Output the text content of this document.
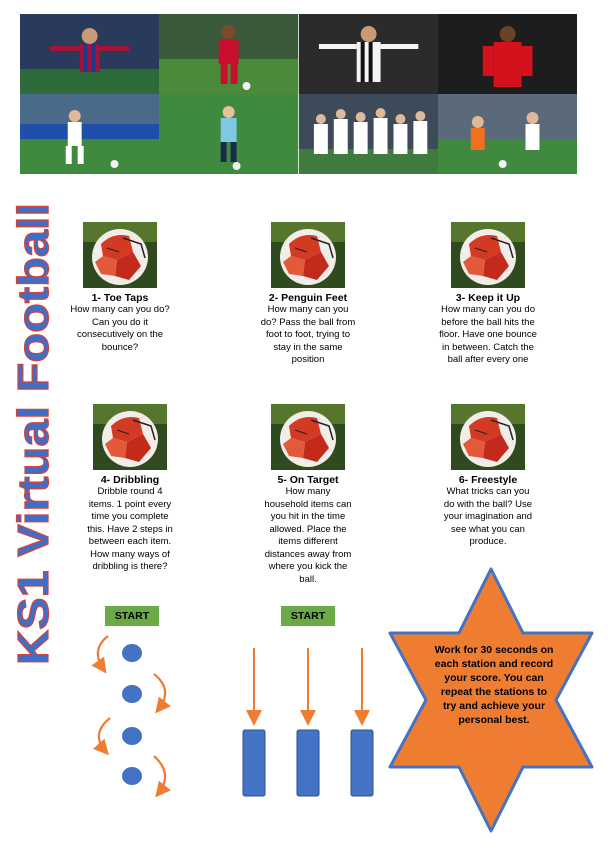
KS1 Virtual Football	1- Toe Taps
How many can you do? Can you do it consecutively on the bounce?
2- Penguin Feet
How many can you do? Pass the ball from foot to foot, trying to stay in the same position
3- Keep it Up
How many can you do before the ball hits the floor. Have one bounce in between. Catch the ball after every one
4- Dribbling
Dribble round 4 items. 1 point every time you complete this. Have 2 steps in between each item. How many ways of dribbling is there?
5- On Target
How many household items can you hit in the time allowed. Place the items different distances away from where you kick the ball.
6- Freestyle
What tricks can you do with the ball? Use your imagination and see what you can produce.
START	START
Work for 30 seconds on each station and record your score. You can repeat the stations to try and achieve your personal best.
